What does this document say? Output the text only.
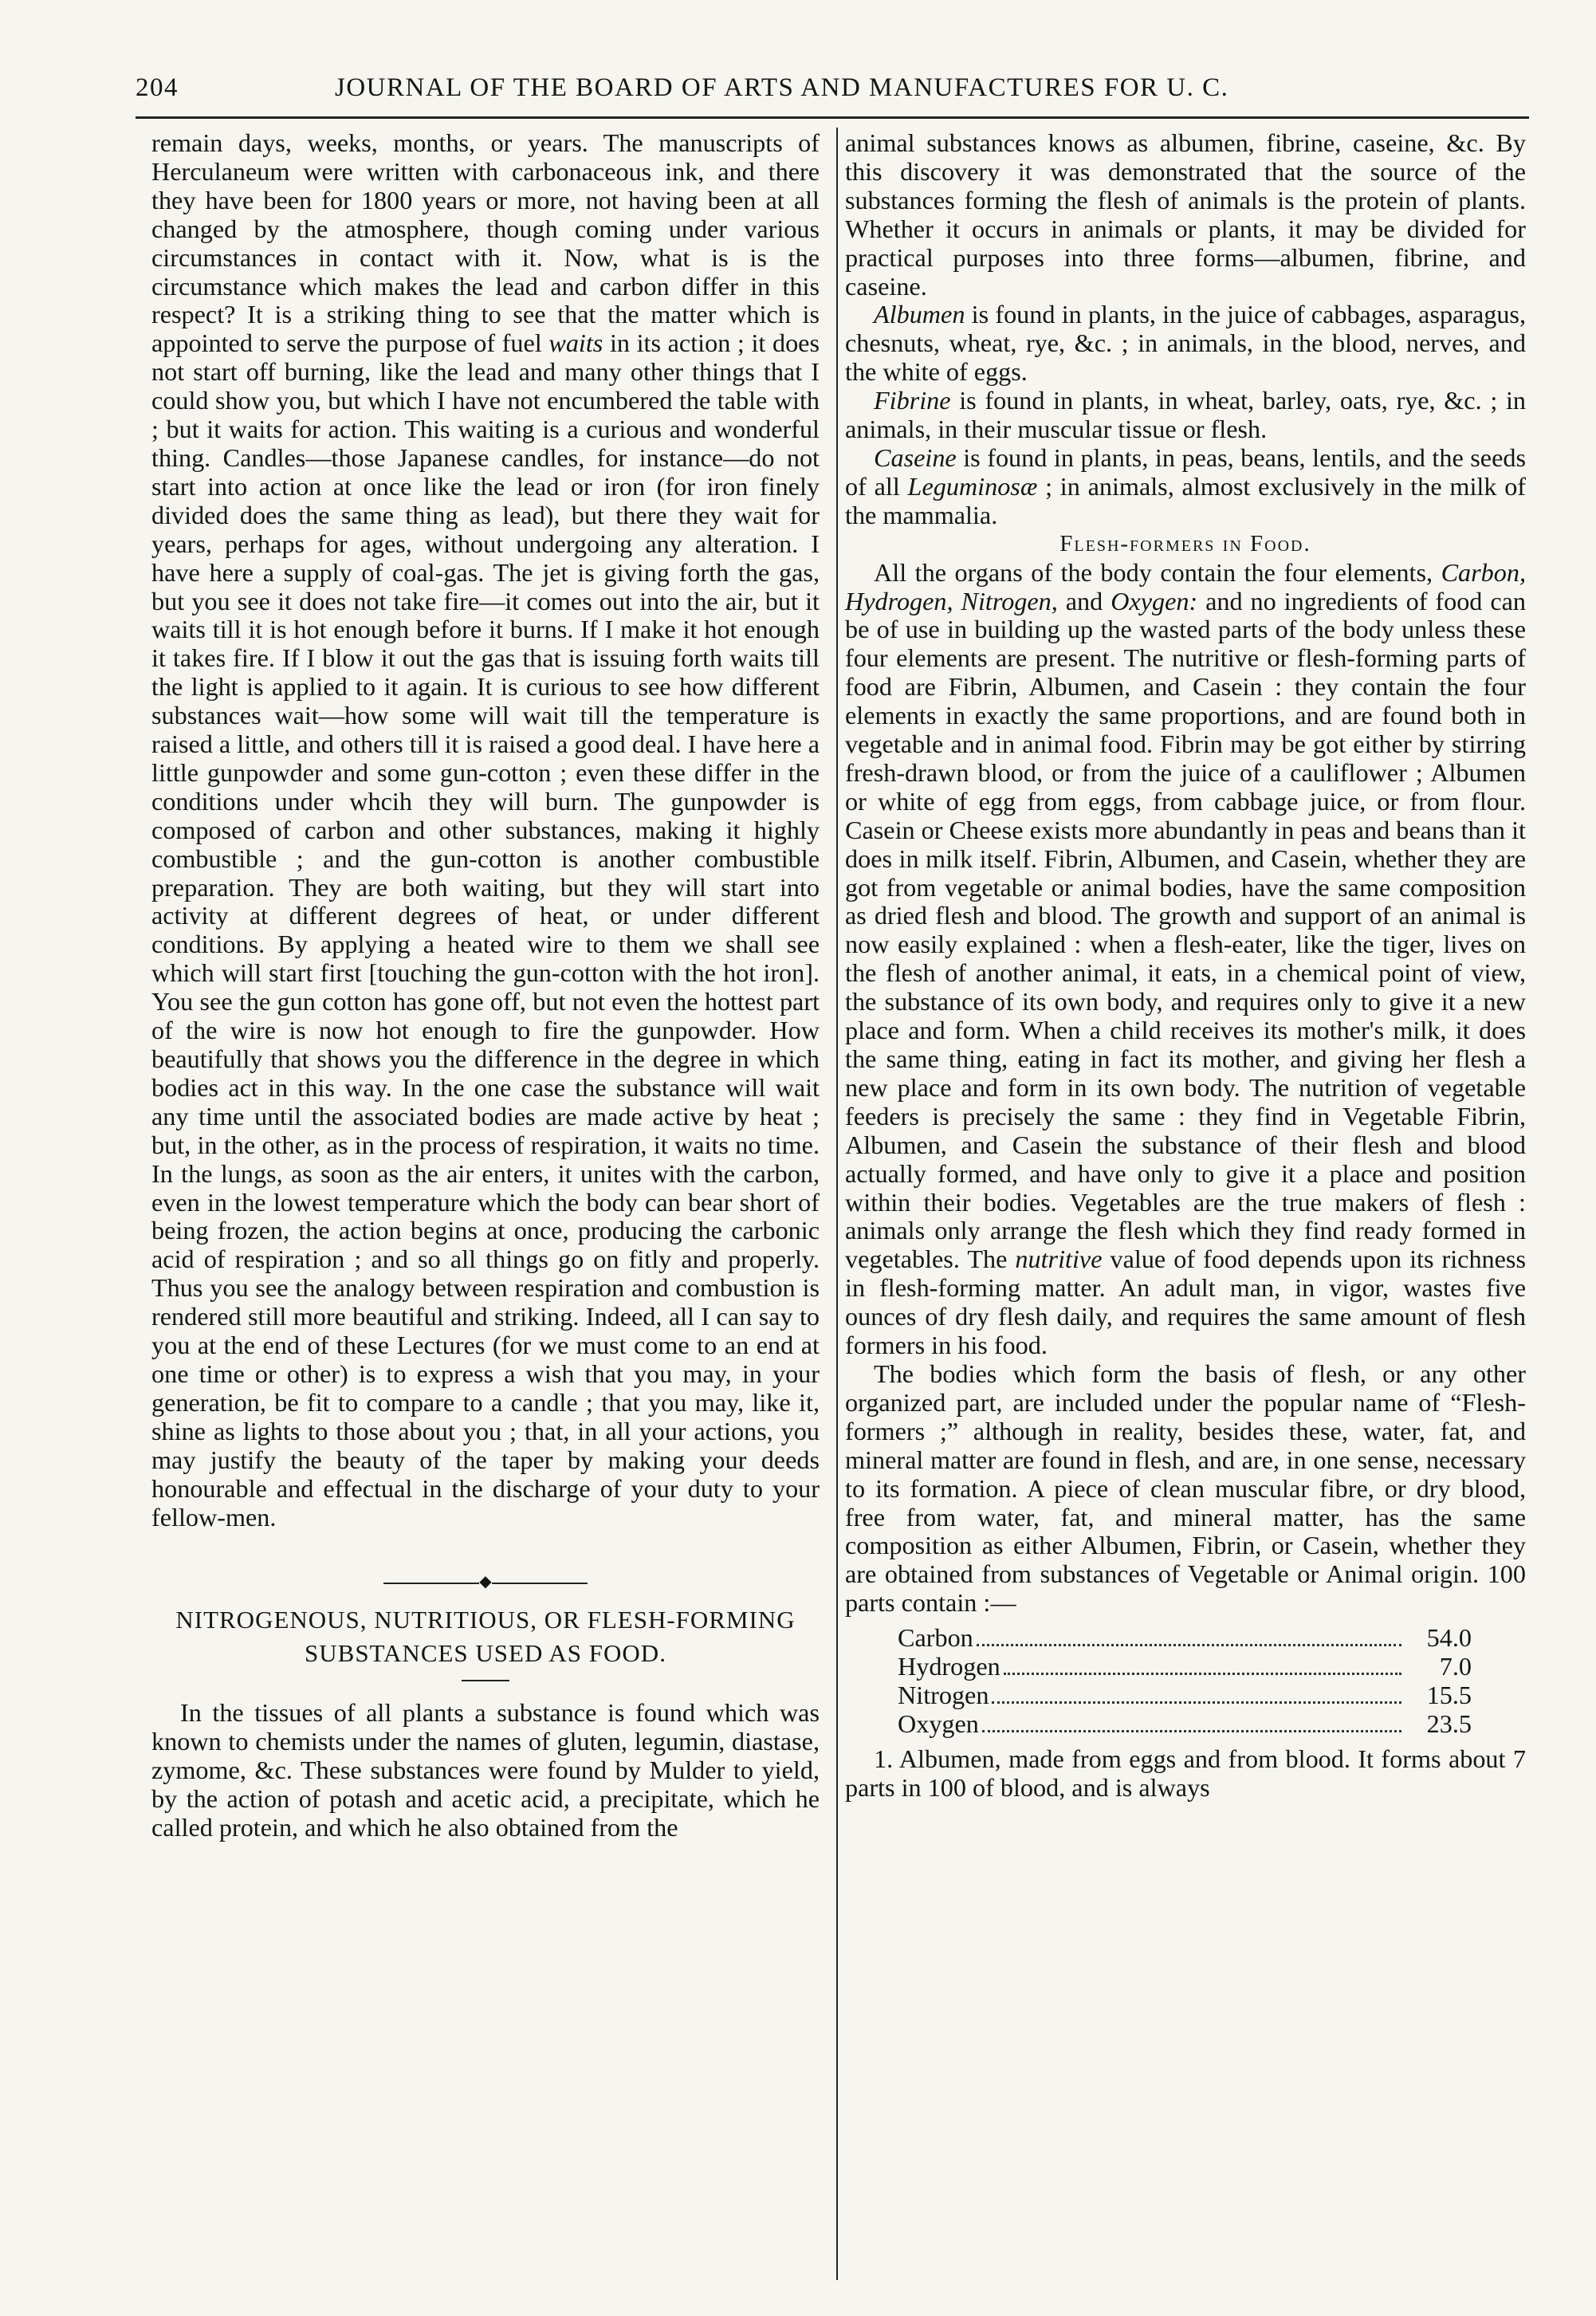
204	JOURNAL OF THE BOARD OF ARTS AND MANUFACTURES FOR U. C.

remain days, weeks, months, or years. The manuscripts of Herculaneum were written with carbonaceous ink, and there they have been for 1800 years or more, not having been at all changed by the atmosphere, though coming under various circumstances in contact with it. Now, what is is the circumstance which makes the lead and carbon differ in this respect? It is a striking thing to see that the matter which is appointed to serve the purpose of fuel waits in its action ; it does not start off burning, like the lead and many other things that I could show you, but which I have not encumbered the table with ; but it waits for action. This waiting is a curious and wonderful thing. Candles—those Japanese candles, for instance—do not start into action at once like the lead or iron (for iron finely divided does the same thing as lead), but there they wait for years, perhaps for ages, without undergoing any alteration. I have here a supply of coal-gas. The jet is giving forth the gas, but you see it does not take fire—it comes out into the air, but it waits till it is hot enough before it burns. If I make it hot enough it takes fire. If I blow it out the gas that is issuing forth waits till the light is applied to it again. It is curious to see how different substances wait—how some will wait till the temperature is raised a little, and others till it is raised a good deal. I have here a little gunpowder and some gun-cotton ; even these differ in the conditions under whcih they will burn. The gunpowder is composed of carbon and other substances, making it highly combustible ; and the gun-cotton is another combustible preparation. They are both waiting, but they will start into activity at different degrees of heat, or under different conditions. By applying a heated wire to them we shall see which will start first [touching the gun-cotton with the hot iron]. You see the gun cotton has gone off, but not even the hottest part of the wire is now hot enough to fire the gunpowder. How beautifully that shows you the difference in the degree in which bodies act in this way. In the one case the substance will wait any time until the associated bodies are made active by heat ; but, in the other, as in the process of respiration, it waits no time. In the lungs, as soon as the air enters, it unites with the carbon, even in the lowest temperature which the body can bear short of being frozen, the action begins at once, producing the carbonic acid of respiration ; and so all things go on fitly and properly. Thus you see the analogy between respiration and combustion is rendered still more beautiful and striking. Indeed, all I can say to you at the end of these Lectures (for we must come to an end at one time or other) is to express a wish that you may, in your generation, be fit to compare to a candle ; that you may, like it, shine as lights to those about you ; that, in all your actions, you may justify the beauty of the taper by making your deeds honourable and effectual in the discharge of your duty to your fellow-men.

◆

NITROGENOUS, NUTRITIOUS, OR FLESH-FORMING SUBSTANCES USED AS FOOD.

In the tissues of all plants a substance is found which was known to chemists under the names of gluten, legumin, diastase, zymome, &c. These substances were found by Mulder to yield, by the action of potash and acetic acid, a precipitate, which he called protein, and which he also obtained from the

animal substances knows as albumen, fibrine, caseine, &c. By this discovery it was demonstrated that the source of the substances forming the flesh of animals is the protein of plants. Whether it occurs in animals or plants, it may be divided for practical purposes into three forms—albumen, fibrine, and caseine.

Albumen is found in plants, in the juice of cabbages, asparagus, chesnuts, wheat, rye, &c. ; in animals, in the blood, nerves, and the white of eggs.

Fibrine is found in plants, in wheat, barley, oats, rye, &c. ; in animals, in their muscular tissue or flesh.

Caseine is found in plants, in peas, beans, lentils, and the seeds of all Leguminosæ ; in animals, almost exclusively in the milk of the mammalia.

Flesh-formers in Food.

All the organs of the body contain the four elements, Carbon, Hydrogen, Nitrogen, and Oxygen: and no ingredients of food can be of use in building up the wasted parts of the body unless these four elements are present. The nutritive or flesh-forming parts of food are Fibrin, Albumen, and Casein : they contain the four elements in exactly the same proportions, and are found both in vegetable and in animal food. Fibrin may be got either by stirring fresh-drawn blood, or from the juice of a cauliflower ; Albumen or white of egg from eggs, from cabbage juice, or from flour. Casein or Cheese exists more abundantly in peas and beans than it does in milk itself. Fibrin, Albumen, and Casein, whether they are got from vegetable or animal bodies, have the same composition as dried flesh and blood. The growth and support of an animal is now easily explained : when a flesh-eater, like the tiger, lives on the flesh of another animal, it eats, in a chemical point of view, the substance of its own body, and requires only to give it a new place and form. When a child receives its mother's milk, it does the same thing, eating in fact its mother, and giving her flesh a new place and form in its own body. The nutrition of vegetable feeders is precisely the same : they find in Vegetable Fibrin, Albumen, and Casein the substance of their flesh and blood actually formed, and have only to give it a place and position within their bodies. Vegetables are the true makers of flesh : animals only arrange the flesh which they find ready formed in vegetables. The nutritive value of food depends upon its richness in flesh-forming matter. An adult man, in vigor, wastes five ounces of dry flesh daily, and requires the same amount of flesh formers in his food.

The bodies which form the basis of flesh, or any other organized part, are included under the popular name of “Flesh-formers ;” although in reality, besides these, water, fat, and mineral matter are found in flesh, and are, in one sense, necessary to its formation. A piece of clean muscular fibre, or dry blood, free from water, fat, and mineral matter, has the same composition as either Albumen, Fibrin, or Casein, whether they are obtained from substances of Vegetable or Animal origin. 100 parts contain :—

Carbon	54.0
Hydrogen	7.0
Nitrogen	15.5
Oxygen	23.5

1. Albumen, made from eggs and from blood. It forms about 7 parts in 100 of blood, and is always
